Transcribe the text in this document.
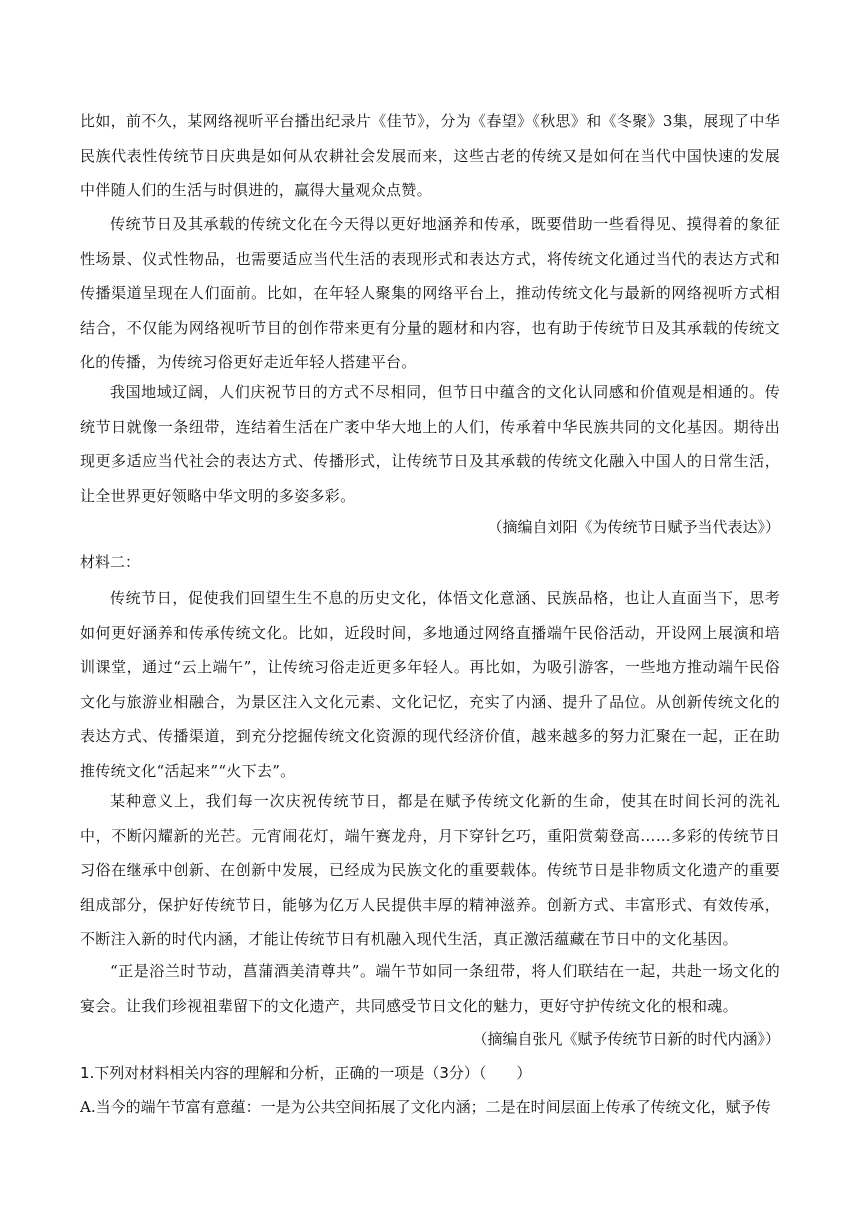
比如，前不久，某网络视听平台播出纪录片《佳节》，分为《春望》《秋思》和《冬聚》3集，展现了中华民族代表性传统节日庆典是如何从农耕社会发展而来，这些古老的传统又是如何在当代中国快速的发展中伴随人们的生活与时俱进的，赢得大量观众点赞。

传统节日及其承载的传统文化在今天得以更好地涵养和传承，既要借助一些看得见、摸得着的象征性场景、仪式性物品，也需要适应当代生活的表现形式和表达方式，将传统文化通过当代的表达方式和传播渠道呈现在人们面前。比如，在年轻人聚集的网络平台上，推动传统文化与最新的网络视听方式相结合，不仅能为网络视听节目的创作带来更有分量的题材和内容，也有助于传统节日及其承载的传统文化的传播，为传统习俗更好走近年轻人搭建平台。

我国地域辽阔，人们庆祝节日的方式不尽相同，但节日中蕴含的文化认同感和价值观是相通的。传统节日就像一条纽带，连结着生活在广袤中华大地上的人们，传承着中华民族共同的文化基因。期待出现更多适应当代社会的表达方式、传播形式，让传统节日及其承载的传统文化融入中国人的日常生活，让全世界更好领略中华文明的多姿多彩。

（摘编自刘阳《为传统节日赋予当代表达》）

材料二：

传统节日，促使我们回望生生不息的历史文化，体悟文化意涵、民族品格，也让人直面当下，思考如何更好涵养和传承传统文化。比如，近段时间，多地通过网络直播端午民俗活动，开设网上展演和培训课堂，通过“云上端午”，让传统习俗走近更多年轻人。再比如，为吸引游客，一些地方推动端午民俗文化与旅游业相融合，为景区注入文化元素、文化记忆，充实了内涵、提升了品位。从创新传统文化的表达方式、传播渠道，到充分挖掘传统文化资源的现代经济价值，越来越多的努力汇聚在一起，正在助推传统文化“活起来”“火下去”。

某种意义上，我们每一次庆祝传统节日，都是在赋予传统文化新的生命，使其在时间长河的洗礼中，不断闪耀新的光芒。元宵闹花灯，端午赛龙舟，月下穿针乞巧，重阳赏菊登高……多彩的传统节日习俗在继承中创新、在创新中发展，已经成为民族文化的重要载体。传统节日是非物质文化遗产的重要组成部分，保护好传统节日，能够为亿万人民提供丰厚的精神滋养。创新方式、丰富形式、有效传承，不断注入新的时代内涵，才能让传统节日有机融入现代生活，真正激活蕴藏在节日中的文化基因。

“正是浴兰时节动，菖蒲酒美清尊共”。端午节如同一条纽带，将人们联结在一起，共赴一场文化的宴会。让我们珍视祖辈留下的文化遗产，共同感受节日文化的魅力，更好守护传统文化的根和魂。

（摘编自张凡《赋予传统节日新的时代内涵》）

1.下列对材料相关内容的理解和分析，正确的一项是（3分）（　　）

A.当今的端午节富有意蕴：一是为公共空间拓展了文化内涵；二是在时间层面上传承了传统文化，赋予传
